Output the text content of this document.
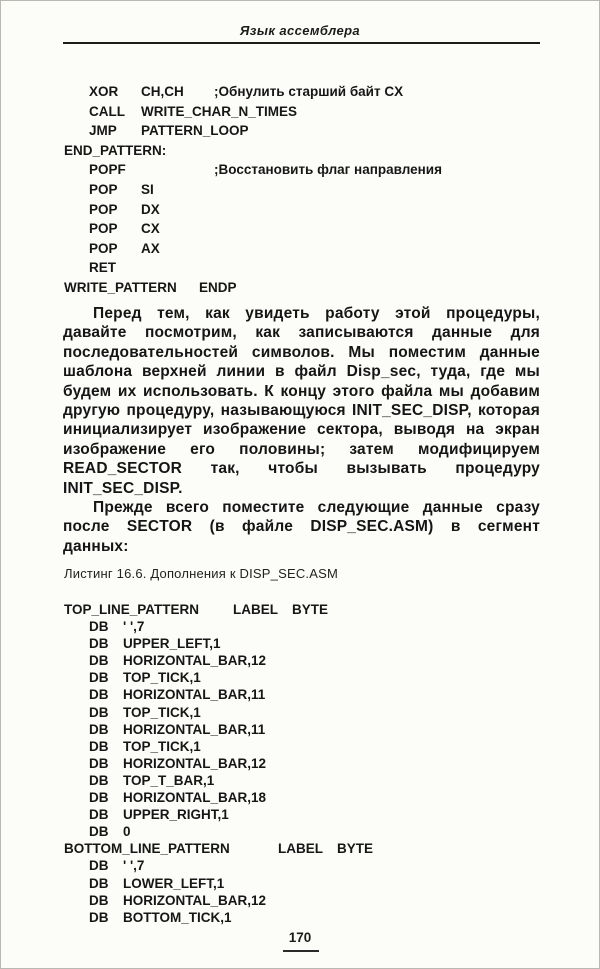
Язык ассемблера
XOR CH,CH ;Обнулить старший байт CX
CALL WRITE_CHAR_N_TIMES
JMP PATTERN_LOOP
END_PATTERN:
POPF	;Восстановить флаг направления
POP SI
POP DX
POP CX
POP AX
RET
WRITE_PATTERN ENDP

Перед тем, как увидеть работу этой процедуры, давайте посмотрим, как записываются данные для последовательностей символов. Мы поместим данные шаблона верхней линии в файл Disp_sec, туда, где мы будем их использовать. К концу этого файла мы добавим другую процедуру, называющуюся INIT_SEC_DISP, которая инициализирует изображение сектора, выводя на экран изображение его половины; затем модифицируем READ_SECTOR так, чтобы вызывать процедуру INIT_SEC_DISP.

Прежде всего поместите следующие данные сразу после SECTOR (в файле DISP_SEC.ASM) в сегмент данных:

Листинг 16.6. Дополнения к DISP_SEC.ASM
TOP_LINE_PATTERN	LABEL BYTE
DB ' ',7
DB UPPER_LEFT,1
DB HORIZONTAL_BAR,12
DB TOP_TICK,1
DB HORIZONTAL_BAR,11
DB TOP_TICK,1
DB HORIZONTAL_BAR,11
DB TOP_TICK,1
DB HORIZONTAL_BAR,12
DB TOP_T_BAR,1
DB HORIZONTAL_BAR,18
DB UPPER_RIGHT,1
DB 0
BOTTOM_LINE_PATTERN	LABEL BYTE
DB ' ',7
DB LOWER_LEFT,1
DB HORIZONTAL_BAR,12
DB BOTTOM_TICK,1
170
